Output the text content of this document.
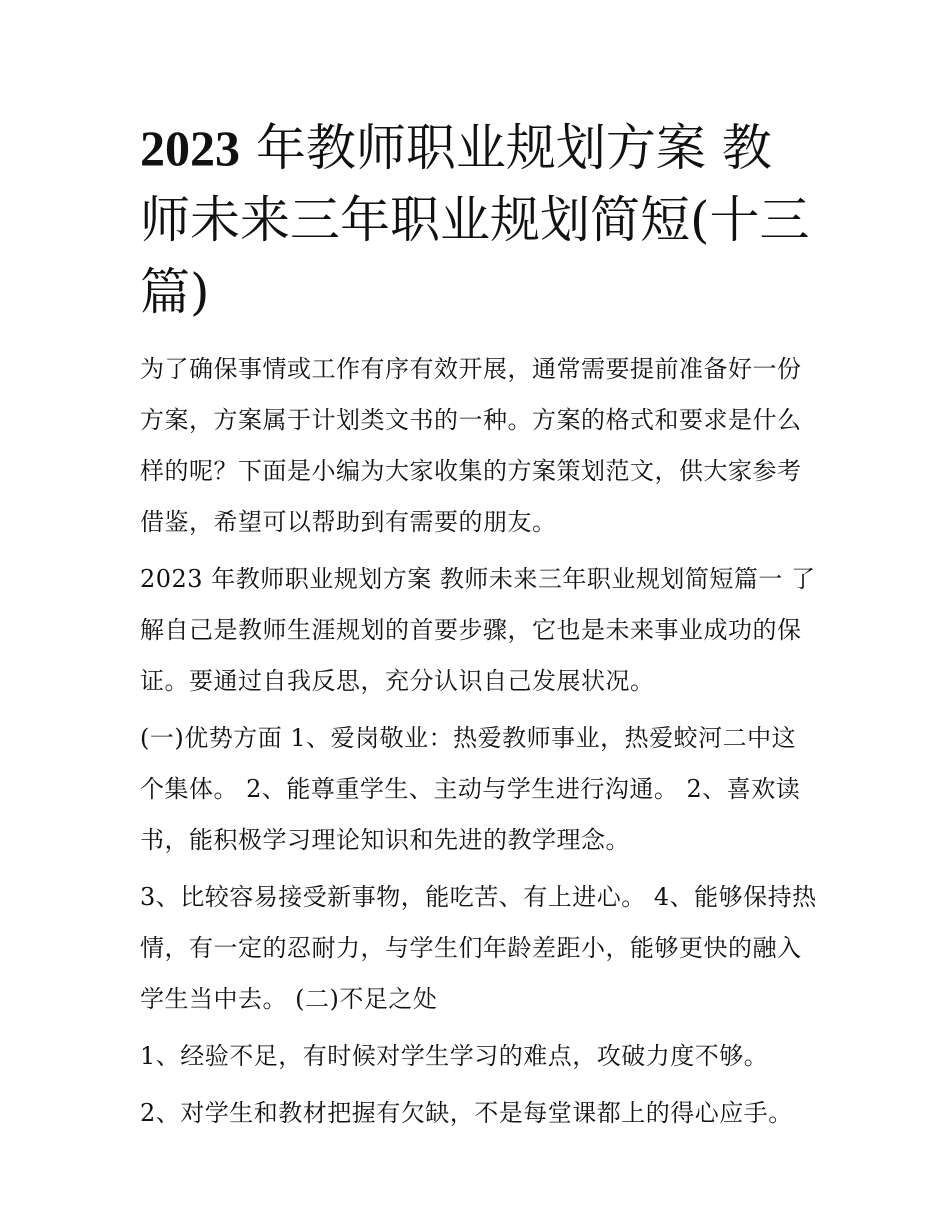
2023 年教师职业规划方案 教师未来三年职业规划简短(十三篇)

为了确保事情或工作有序有效开展，通常需要提前准备好一份方案，方案属于计划类文书的一种。方案的格式和要求是什么样的呢？下面是小编为大家收集的方案策划范文，供大家参考借鉴，希望可以帮助到有需要的朋友。

2023 年教师职业规划方案 教师未来三年职业规划简短篇一 了解自己是教师生涯规划的首要步骤，它也是未来事业成功的保证。要通过自我反思，充分认识自己发展状况。

(一)优势方面 1、爱岗敬业：热爱教师事业，热爱蛟河二中这个集体。 2、能尊重学生、主动与学生进行沟通。 2、喜欢读书，能积极学习理论知识和先进的教学理念。

3、比较容易接受新事物，能吃苦、有上进心。 4、能够保持热情，有一定的忍耐力，与学生们年龄差距小，能够更快的融入学生当中去。 (二)不足之处

1、经验不足，有时候对学生学习的难点，攻破力度不够。

2、对学生和教材把握有欠缺，不是每堂课都上的得心应手。
